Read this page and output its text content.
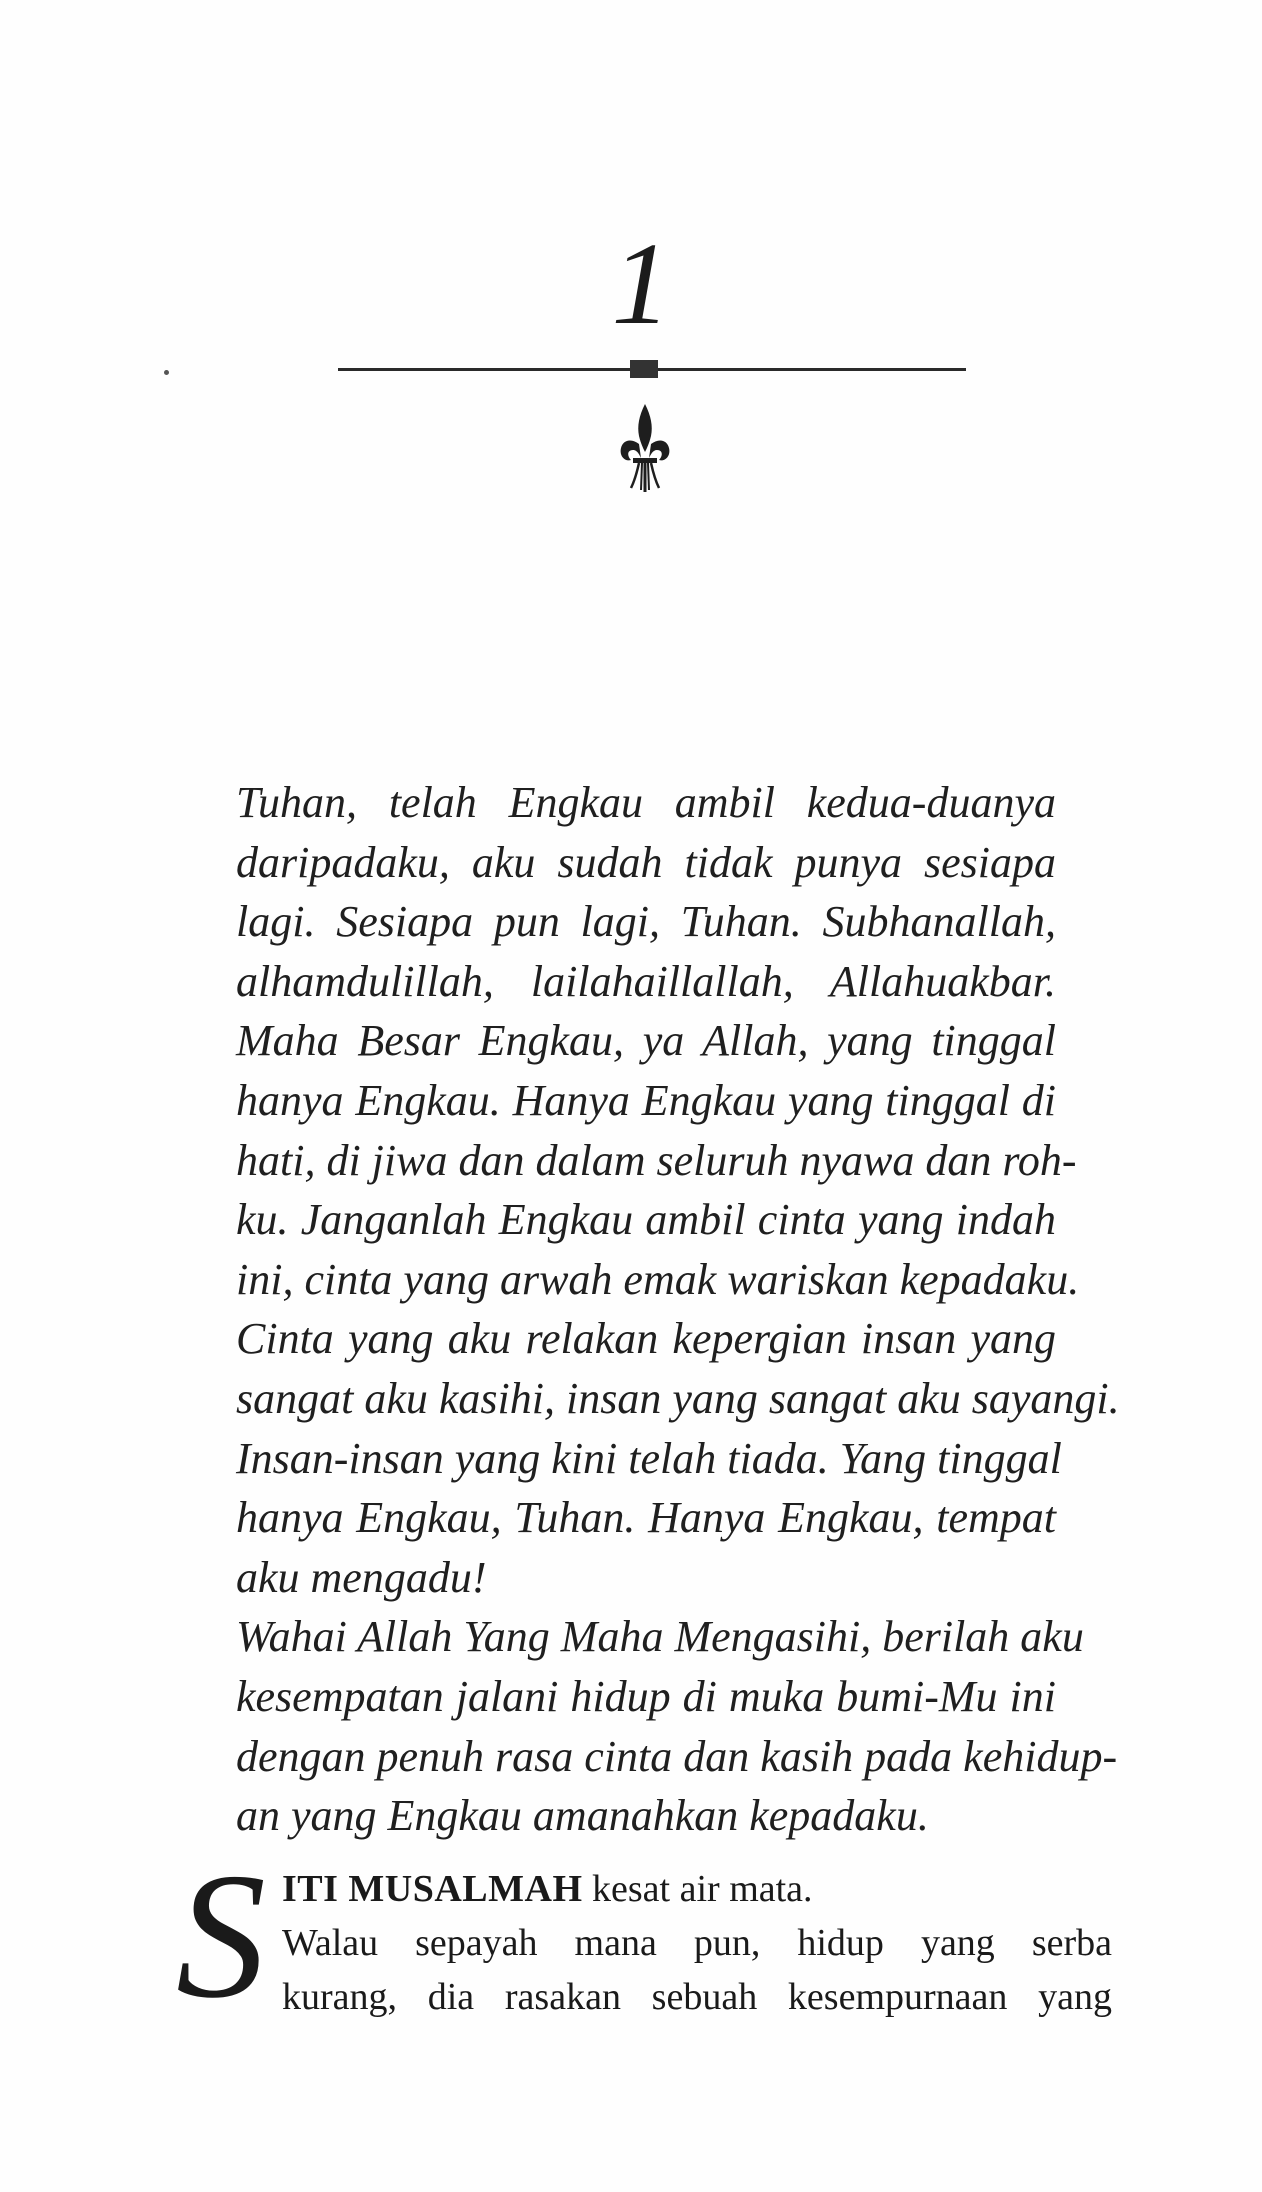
1
Tuhan, telah Engkau ambil kedua-duanya
daripadaku, aku sudah tidak punya sesiapa
lagi. Sesiapa pun lagi, Tuhan. Subhanallah,
alhamdulillah, lailahaillallah, Allahuakbar.
Maha Besar Engkau, ya Allah, yang tinggal
hanya Engkau. Hanya Engkau yang tinggal di
hati, di jiwa dan dalam seluruh nyawa dan roh-
ku. Janganlah Engkau ambil cinta yang indah
ini, cinta yang arwah emak wariskan kepadaku.
Cinta yang aku relakan kepergian insan yang
sangat aku kasihi, insan yang sangat aku sayangi.
Insan-insan yang kini telah tiada. Yang tinggal
hanya Engkau, Tuhan. Hanya Engkau, tempat
aku mengadu!
Wahai Allah Yang Maha Mengasihi, berilah aku
kesempatan jalani hidup di muka bumi-Mu ini
dengan penuh rasa cinta dan kasih pada kehidup-
an yang Engkau amanahkan kepadaku.
S ITI MUSALMAH kesat air mata.
Walau sepayah mana pun, hidup yang serba
kurang, dia rasakan sebuah kesempurnaan yang
